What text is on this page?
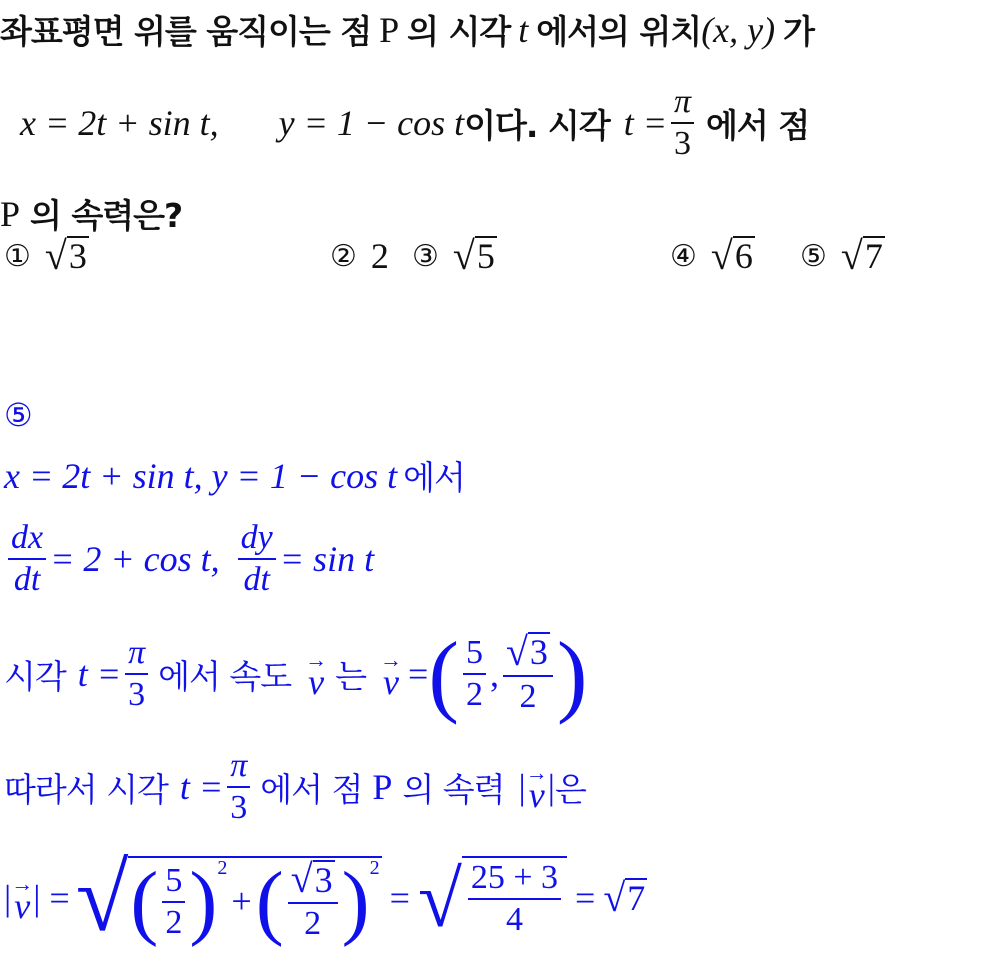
좌표평면 위를 움직이는 점 P 의 시각 t 에서의 위치 (x, y) 가
x = 2t + sin t, y = 1 − cos t 이다. 시각 $t = \frac{\pi}{3}$ 에서 점
P 의 속력은?
① √ 3	② 2 ③ √ 5	④ √ 6 ⑤ √ 7
⑤
x = 2t + sin t, y = 1 − cos t 에서
$\frac{dx}{dt} = 2 + \cos t$, $\frac{dy}{dt} = \sin t$
시각 $t = \frac{\pi}{3}$ 에서 속도 →
v 는 →
v = ( $\frac{5}{2}$ , $\frac{√ 3}{2}$ )
따라서 시각 $t = \frac{\pi}{3}$ 에서 점 P 의 속력 | →
v | 은
| →
v | = √ ( $\frac{5}{2} )^2$
+ ( $\frac{√ 3}{2} )^2$
= √ $\frac{25 + 3}{4}$ = √ 7
